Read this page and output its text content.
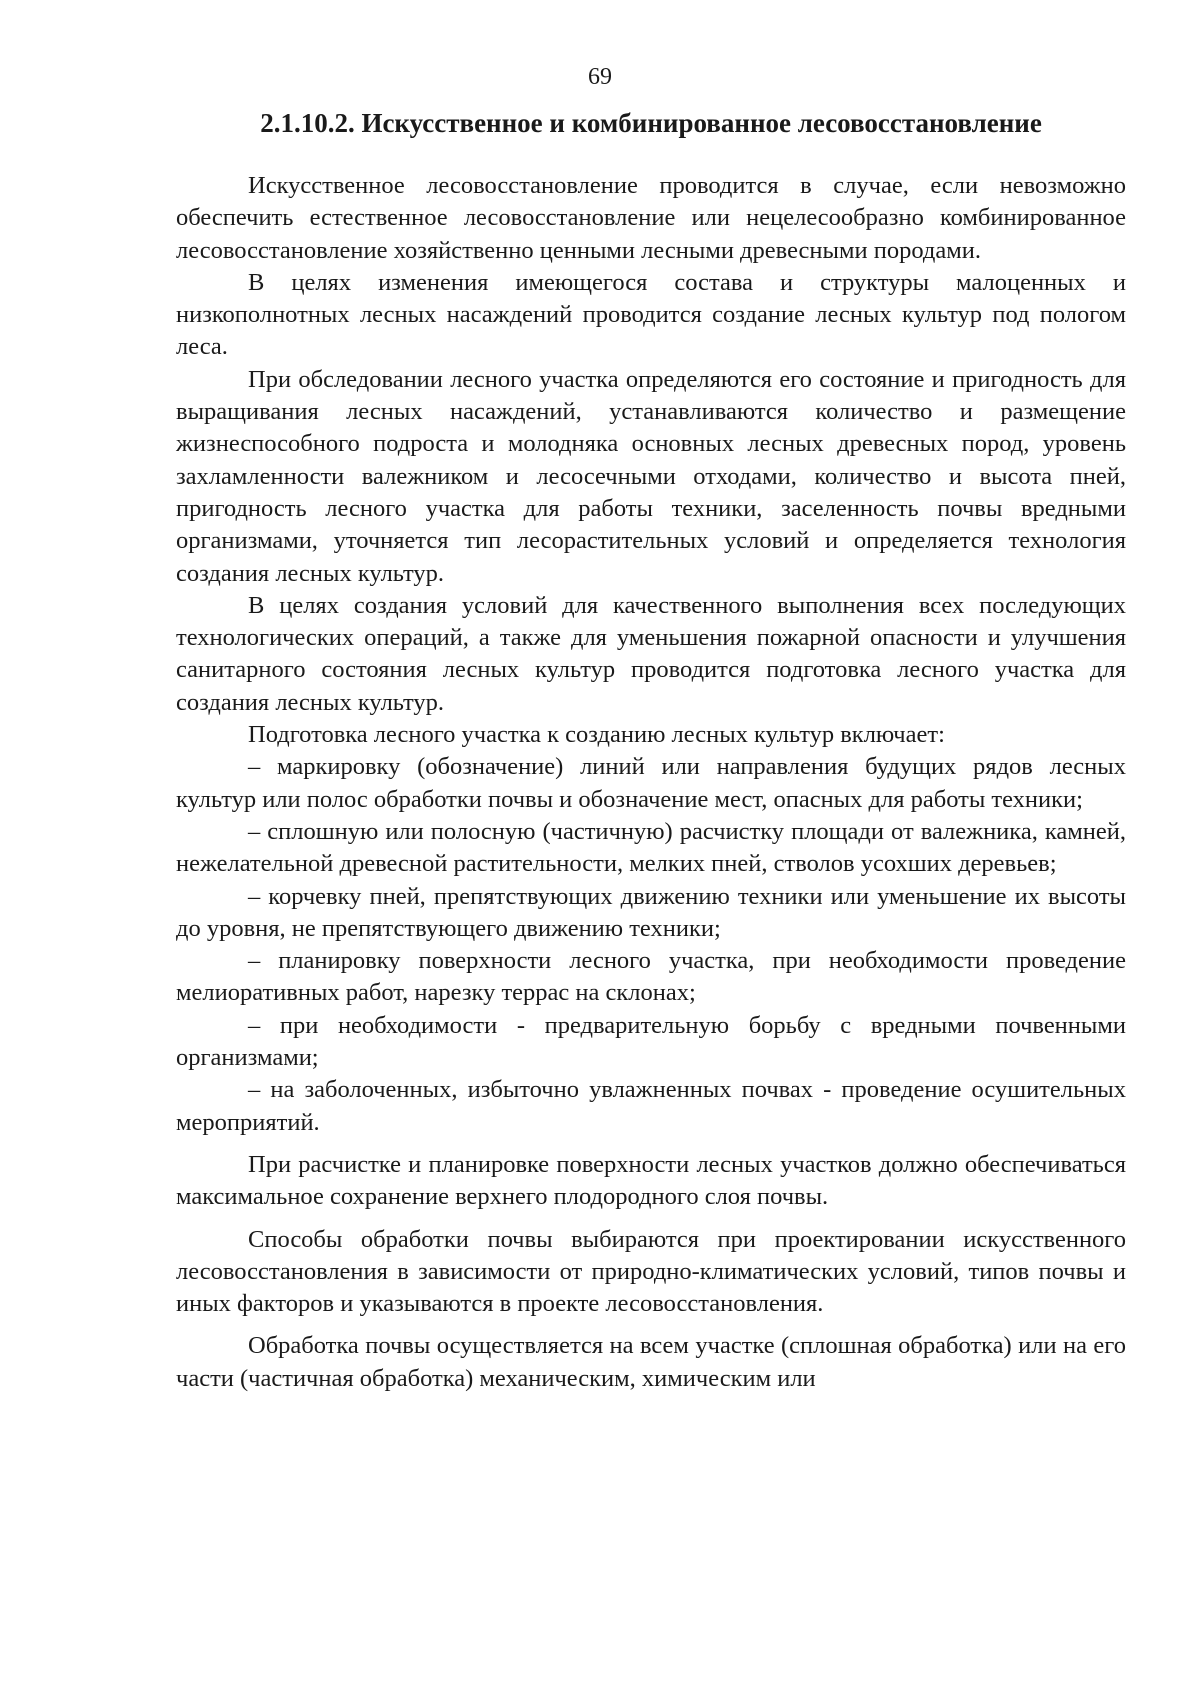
69

2.1.10.2. Искусственное и комбинированное лесовосстановление

Искусственное лесовосстановление проводится в случае, если невозможно обеспечить естественное лесовосстановление или нецелесообразно комбинированное лесовосстановление хозяйственно ценными лесными древесными породами.

В целях изменения имеющегося состава и структуры малоценных и низкополнотных лесных насаждений проводится создание лесных культур под пологом леса.

При обследовании лесного участка определяются его состояние и пригодность для выращивания лесных насаждений, устанавливаются количество и размещение жизнеспособного подроста и молодняка основных лесных древесных пород, уровень захламленности валежником и лесосечными отходами, количество и высота пней, пригодность лесного участка для работы техники, заселенность почвы вредными организмами, уточняется тип лесорастительных условий и определяется технология создания лесных культур.

В целях создания условий для качественного выполнения всех последующих технологических операций, а также для уменьшения пожарной опасности и улучшения санитарного состояния лесных культур проводится подготовка лесного участка для создания лесных культур.

Подготовка лесного участка к созданию лесных культур включает:

– маркировку (обозначение) линий или направления будущих рядов лесных культур или полос обработки почвы и обозначение мест, опасных для работы техники;

– сплошную или полосную (частичную) расчистку площади от валежника, камней, нежелательной древесной растительности, мелких пней, стволов усохших деревьев;

– корчевку пней, препятствующих движению техники или уменьшение их высоты до уровня, не препятствующего движению техники;

– планировку поверхности лесного участка, при необходимости проведение мелиоративных работ, нарезку террас на склонах;

– при необходимости - предварительную борьбу с вредными почвенными организмами;

– на заболоченных, избыточно увлажненных почвах - проведение осушительных мероприятий.

При расчистке и планировке поверхности лесных участков должно обеспечиваться максимальное сохранение верхнего плодородного слоя почвы.

Способы обработки почвы выбираются при проектировании искусственного лесовосстановления в зависимости от природно-климатических условий, типов почвы и иных факторов и указываются в проекте лесовосстановления.

Обработка почвы осуществляется на всем участке (сплошная обработка) или на его части (частичная обработка) механическим, химическим или
